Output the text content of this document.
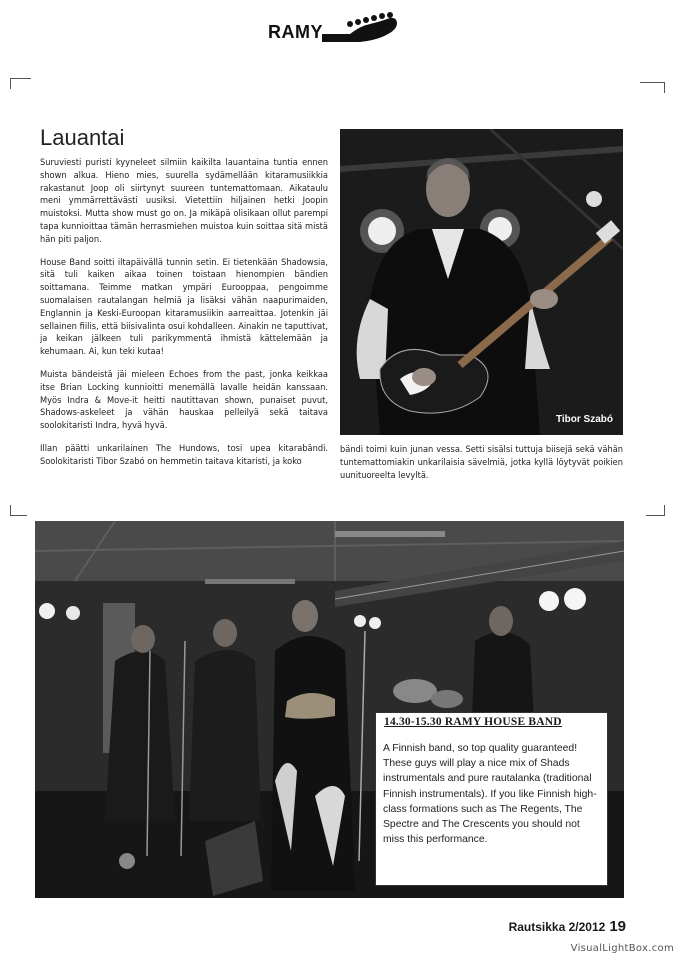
RAMY
Lauantai

Suruviesti puristi kyyneleet silmiin kaikilta lauantaina tuntia ennen shown alkua. Hieno mies, suurella sydämellään kitaramusiikkia rakastanut Joop oli siirtynyt suureen tuntemattomaan. Aikataulu meni ymmärrettävästi uusiksi. Vietettiin hiljainen hetki Joopin muistoksi. Mutta show must go on. Ja mikäpä olisikaan ollut parempi tapa kunnioittaa tämän herrasmiehen muistoa kuin soittaa sitä mistä hän piti paljon.

House Band soitti iltapäivällä tunnin setin. Ei tietenkään Shadowsia, sitä tuli kaiken aikaa toinen toistaan hienompien bändien soittamana. Teimme matkan ympäri Eurooppaa, pengoimme suomalaisen rautalangan helmiä ja lisäksi vähän naapurimaiden, Englannin ja Keski-Euroopan kitaramusiikin aarreaittaa. Jotenkin jäi sellainen fiilis, että biisivalinta osui kohdalleen. Ainakin ne taputtivat, ja keikan jälkeen tuli parikymmentä ihmistä kättelemään ja kehumaan. Ai, kun teki kutaa!

Muista bändeistä jäi mieleen Echoes from the past, jonka keikkaa itse Brian Locking kunnioitti menemällä lavalle heidän kanssaan. Myös Indra & Move-it heitti nautittavan shown, punaiset puvut, Shadows-askeleet ja vähän hauskaa pelleilyä sekä taitava soolokitaristi Indra, hyvä hyvä.

Illan päätti unkarilainen The Hundows, tosi upea kitarabändi. Soolokitaristi Tibor Szabó on hemmetin taitava kitaristi, ja koko

Tibor Szabó
bändi toimi kuin junan vessa. Setti sisälsi tuttuja biisejä sekä vähän tuntemattomiakin unkarilaisia sävelmiä, jotka kyllä löytyvät poikien uunituoreelta levyltä.
14.30-15.30 RAMY HOUSE BAND
A Finnish band, so top quality guaranteed! These guys will play a nice mix of Shads instrumentals and pure rautalanka (traditional Finnish instrumentals). If you like Finnish high-class formations such as The Regents, The Spectre and The Crescents you should not miss this performance.
Rautsikka 2/2012 19
VisualLightBox.com
